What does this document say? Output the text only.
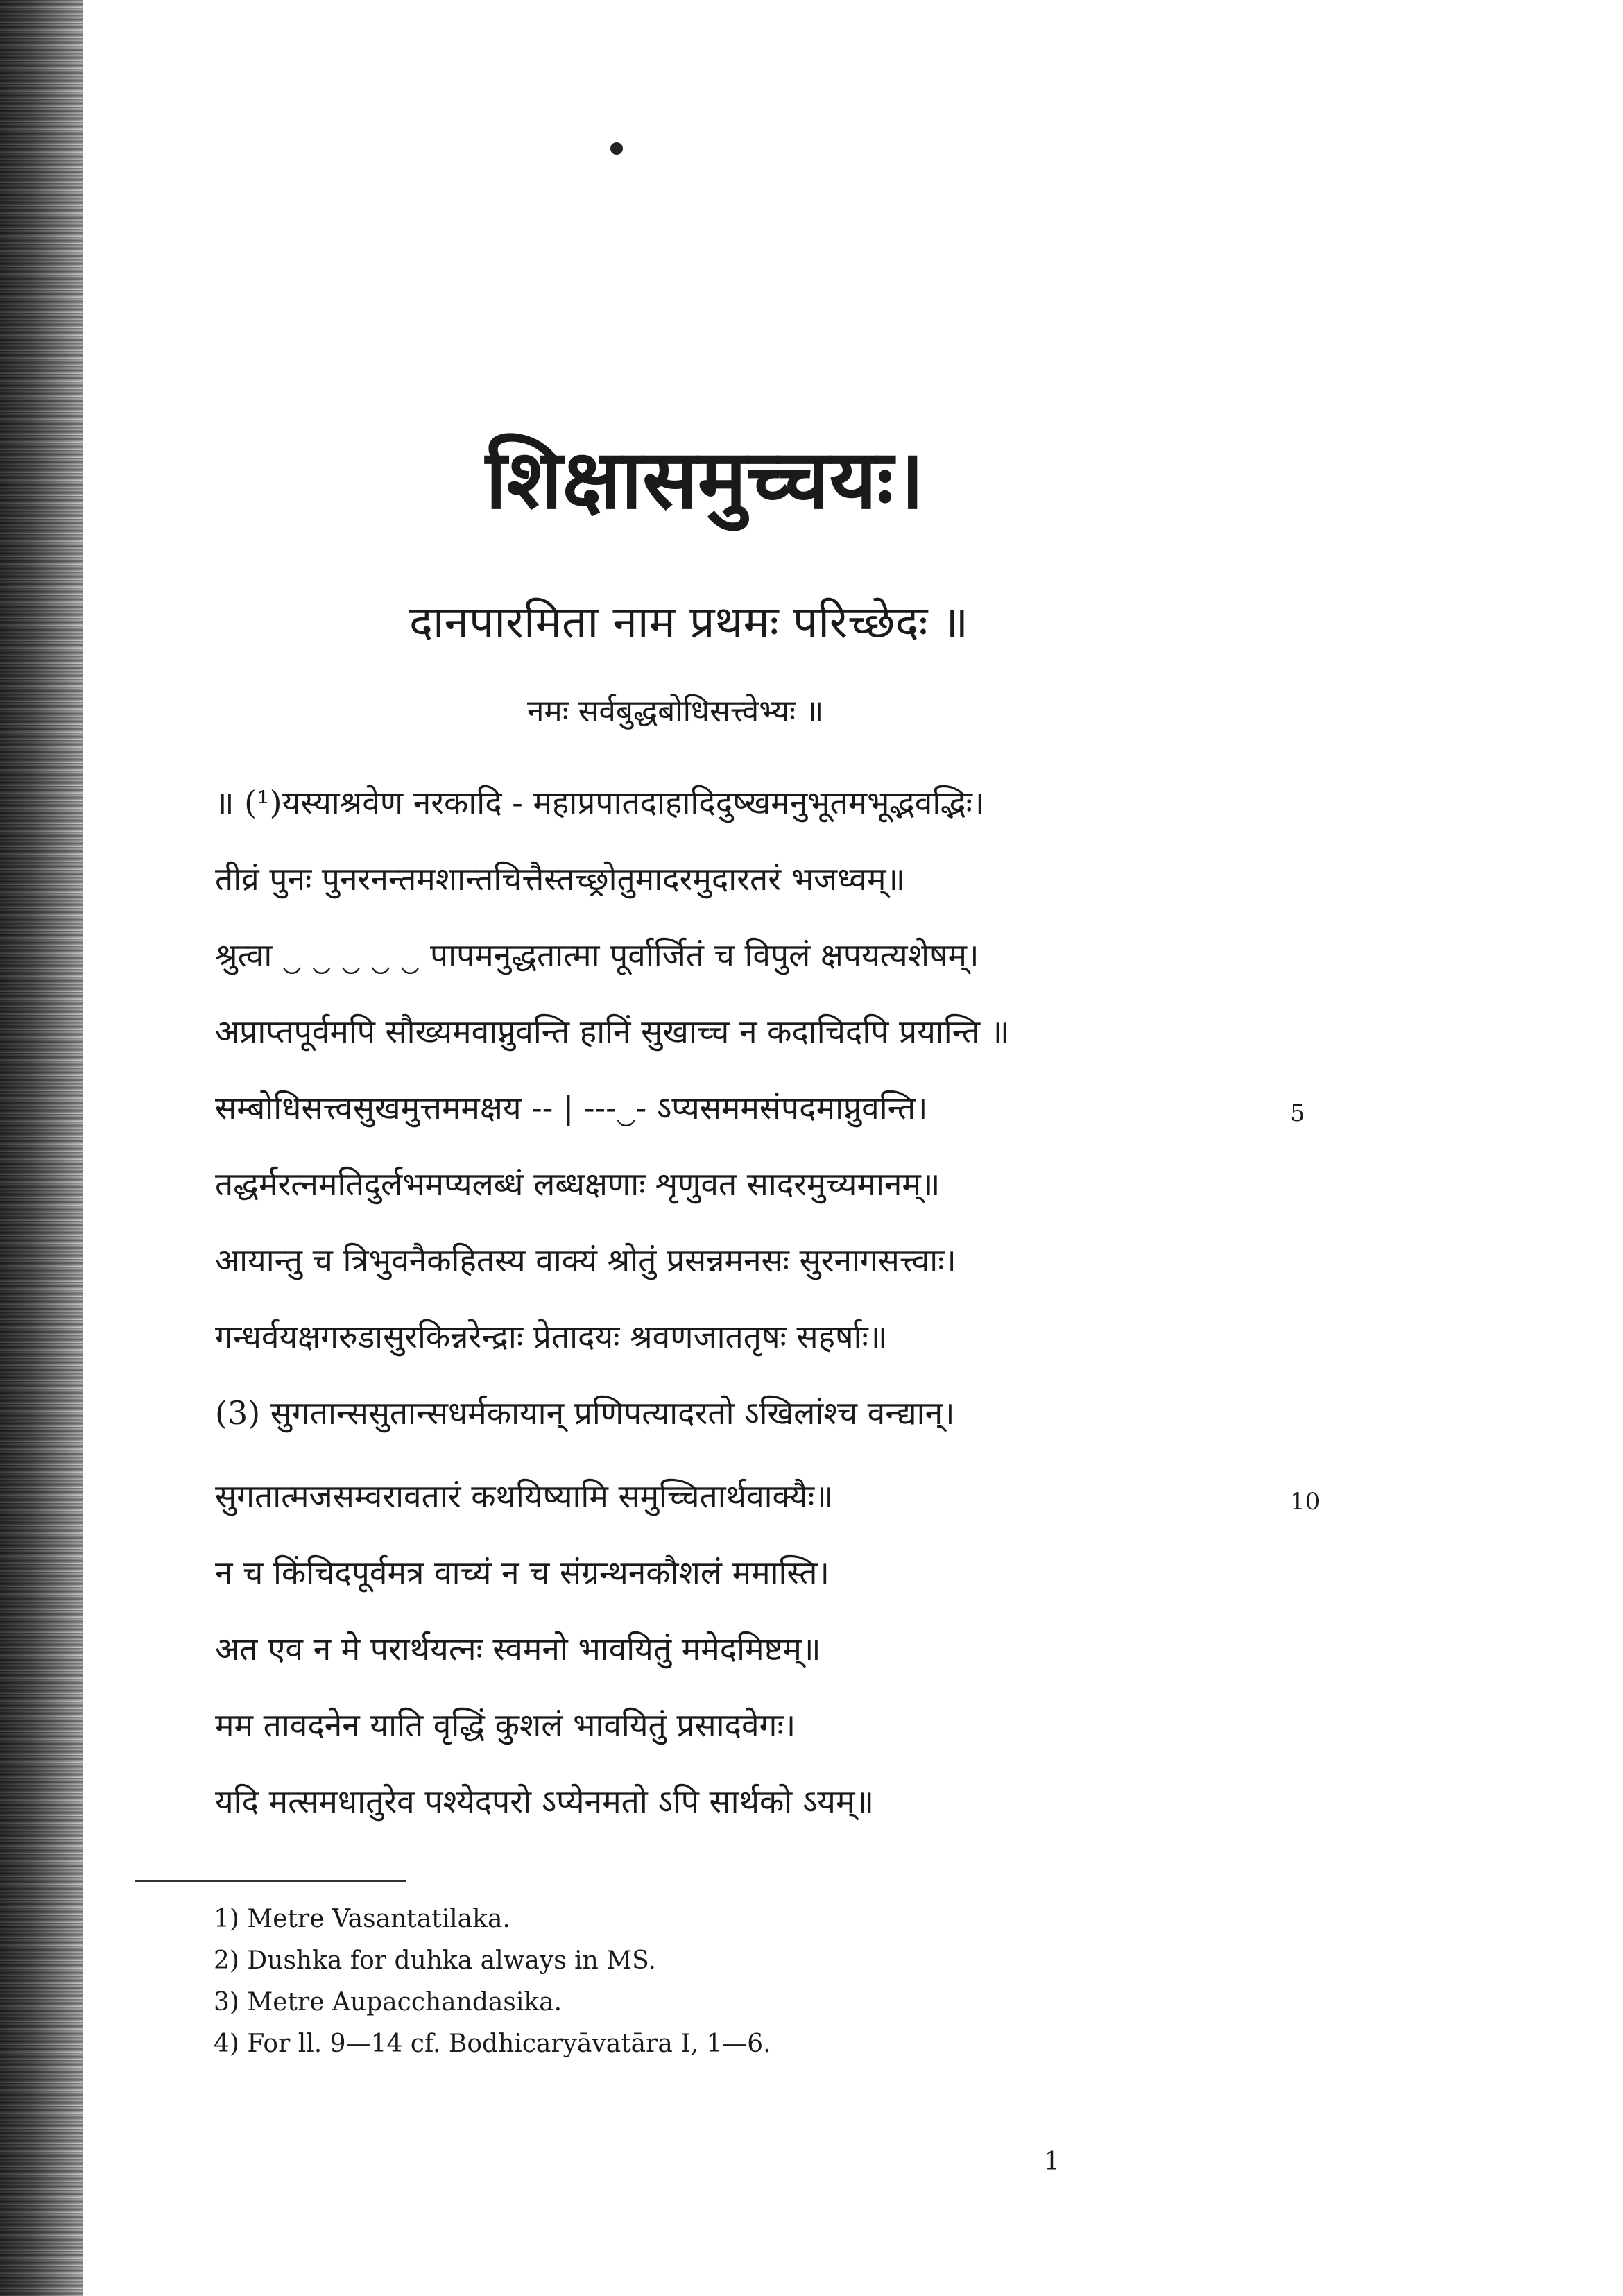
शिक्षासमुच्चयः।
दानपारमिता नाम प्रथमः परिच्छेदः ॥
नमः सर्वबुद्धबोधिसत्त्वेभ्यः ॥
॥ (¹)यस्याश्रवेण नरकादि - महाप्रपातदाहादिदुष्खमनुभूतमभूद्भवद्भिः।
तीव्रं पुनः पुनरनन्तमशान्तचित्तैस्तच्छ्रोतुमादरमुदारतरं भजध्वम्॥
श्रुत्वा ‿ ‿ ‿ ‿ ‿ पापमनुद्धतात्मा पूर्वार्जितं च विपुलं क्षपयत्यशेषम्।
अप्राप्तपूर्वमपि सौख्यमवाप्नुवन्ति हानिं सुखाच्च न कदाचिदपि प्रयान्ति ॥
सम्बोधिसत्त्वसुखमुत्तममक्षय -- | ---‿- ऽप्यसममसंपदमाप्नुवन्ति।
तद्धर्मरत्नमतिदुर्लभमप्यलब्धं लब्धक्षणाः शृणुवत सादरमुच्यमानम्॥
आयान्तु च त्रिभुवनैकहितस्य वाक्यं श्रोतुं प्रसन्नमनसः सुरनागसत्त्वाः।
गन्धर्वयक्षगरुडासुरकिन्नरेन्द्राः प्रेतादयः श्रवणजाततृषः सहर्षाः॥
(3) सुगतान्ससुतान्सधर्मकायान् प्रणिपत्यादरतो ऽखिलांश्च वन्द्यान्।
सुगतात्मजसम्वरावतारं कथयिष्यामि समुच्चितार्थवाक्यैः॥
न च किंचिदपूर्वमत्र वाच्यं न च संग्रन्थनकौशलं ममास्ति।
अत एव न मे परार्थयत्नः स्वमनो भावयितुं ममेदमिष्टम्॥
मम तावदनेन याति वृद्धिं कुशलं भावयितुं प्रसादवेगः।
यदि मत्समधातुरेव पश्येदपरो ऽप्येनमतो ऽपि सार्थको ऽयम्॥
5
10
1) Metre Vasantatilaka.
2) Dushka for duhka always in MS.
3) Metre Aupacchandasika.
4) For ll. 9—14 cf. Bodhicaryāvatāra I, 1—6.
1
